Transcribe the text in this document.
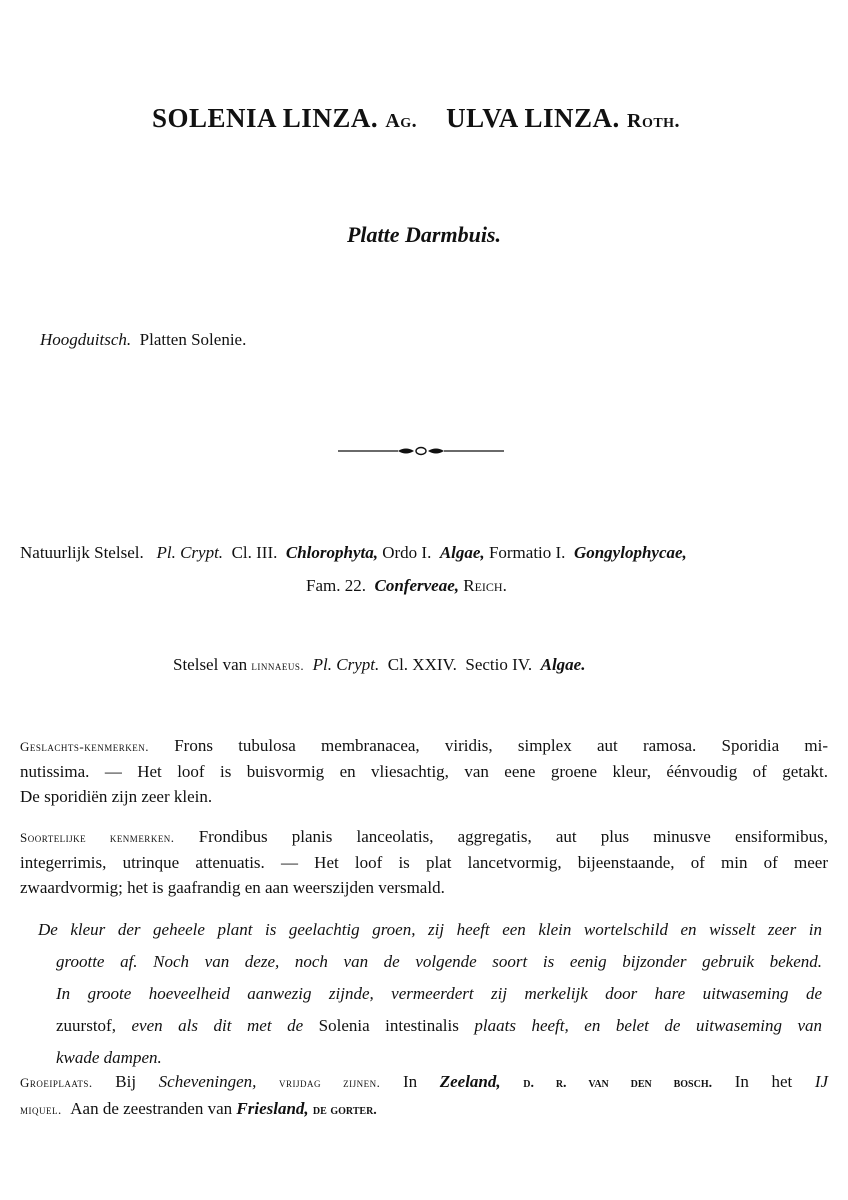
SOLENIA LINZA. Ag. ULVA LINZA. Roth.
Platte Darmbuis.
Hoogduitsch. Platten Solenie.
Natuurlijk Stelsel. Pl. Crypt. Cl. III. Chlorophyta, Ordo I. Algae, Formatio I. Gongylophycae,
Fam. 22. Conferveae, Reich.
Stelsel van linnaeus. Pl. Crypt. Cl. XXIV. Sectio IV. Algae.
Geslachts-kenmerken. Frons tubulosa membranacea, viridis, simplex aut ramosa. Sporidia mi-
nutissima. — Het loof is buisvormig en vliesachtig, van eene groene kleur, éénvoudig of getakt.
De sporidiën zijn zeer klein.
Soortelijke kenmerken. Frondibus planis lanceolatis, aggregatis, aut plus minusve ensiformibus,
integerrimis, utrinque attenuatis. — Het loof is plat lancetvormig, bijeenstaande, of min of meer
zwaardvormig; het is gaafrandig en aan weerszijden versmald.
De kleur der geheele plant is geelachtig groen, zij heeft een klein wortelschild en wisselt zeer in
grootte af. Noch van deze, noch van de volgende soort is eenig bijzonder gebruik bekend.
In groote hoeveelheid aanwezig zijnde, vermeerdert zij merkelijk door hare uitwaseming de
zuurstof, even als dit met de Solenia intestinalis plaats heeft, en belet de uitwaseming van
kwade dampen.
Groeiplaats. Bij Scheveningen, vrijdag zijnen. In Zeeland, d. r. van den bosch. In het IJ
miquel. Aan de zeestranden van Friesland, de gorter.
